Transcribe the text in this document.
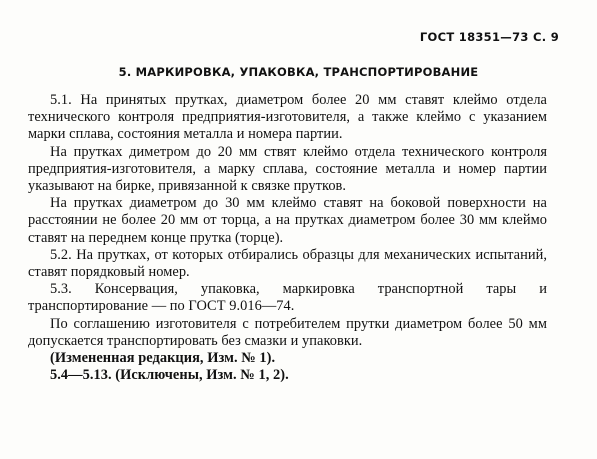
ГОСТ 18351—73 С. 9
5. МАРКИРОВКА, УПАКОВКА, ТРАНСПОРТИРОВАНИЕ

5.1. На принятых прутках, диаметром более 20 мм ставят клеймо отдела технического контроля предприятия-изготовителя, а также клеймо с указанием марки сплава, состояния металла и номера партии.

На прутках диметром до 20 мм ствят клеймо отдела технического контроля предприятия-изготовителя, а марку сплава, состояние металла и номер партии указывают на бирке, привязанной к связке прутков.

На прутках диаметром до 30 мм клеймо ставят на боковой поверхности на расстоянии не более 20 мм от торца, а на прутках диаметром более 30 мм клеймо ставят на переднем конце прутка (торце).

5.2. На прутках, от которых отбирались образцы для механических испытаний, ставят порядковый номер.

5.3. Консервация, упаковка, маркировка транспортной тары и транспортирование — по ГОСТ 9.016—74.

По соглашению изготовителя с потребителем прутки диаметром более 50 мм допускается транспортировать без смазки и упаковки.

(Измененная редакция, Изм. № 1).

5.4—5.13. (Исключены, Изм. № 1, 2).
